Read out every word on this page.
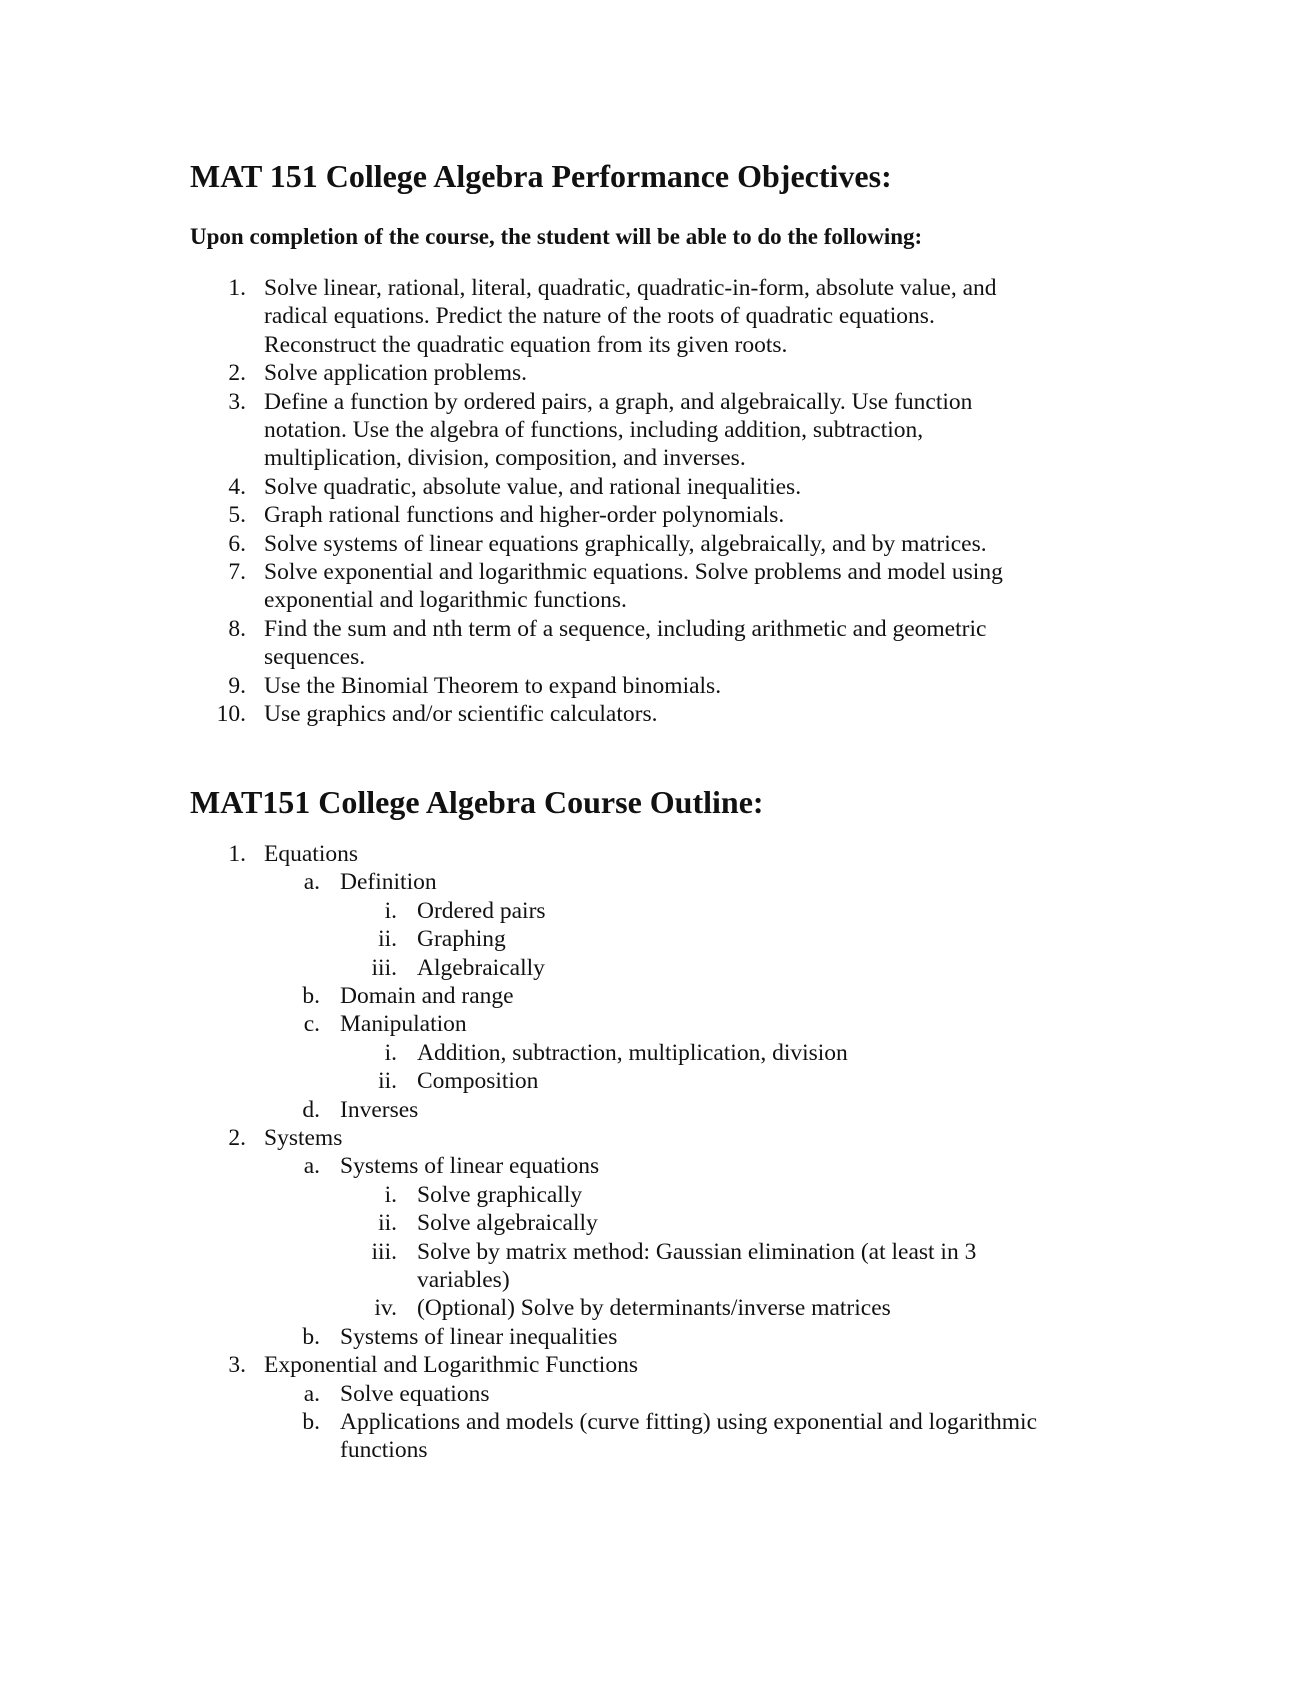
MAT 151 College Algebra Performance Objectives:

Upon completion of the course, the student will be able to do the following:

1. Solve linear, rational, literal, quadratic, quadratic-in-form, absolute value, and
radical equations. Predict the nature of the roots of quadratic equations.
Reconstruct the quadratic equation from its given roots.
2. Solve application problems.
3. Define a function by ordered pairs, a graph, and algebraically. Use function
notation. Use the algebra of functions, including addition, subtraction,
multiplication, division, composition, and inverses.
4. Solve quadratic, absolute value, and rational inequalities.
5. Graph rational functions and higher-order polynomials.
6. Solve systems of linear equations graphically, algebraically, and by matrices.
7. Solve exponential and logarithmic equations. Solve problems and model using
exponential and logarithmic functions.
8. Find the sum and nth term of a sequence, including arithmetic and geometric
sequences.
9. Use the Binomial Theorem to expand binomials.
10. Use graphics and/or scientific calculators.
MAT151 College Algebra Course Outline:
1. Equations
a. Definition
i. Ordered pairs
ii. Graphing
iii. Algebraically
b. Domain and range
c. Manipulation
i. Addition, subtraction, multiplication, division
ii. Composition
d. Inverses
2. Systems
a. Systems of linear equations
i. Solve graphically
ii. Solve algebraically
iii. Solve by matrix method: Gaussian elimination (at least in 3
variables)
iv. (Optional) Solve by determinants/inverse matrices
b. Systems of linear inequalities
3. Exponential and Logarithmic Functions
a. Solve equations
b. Applications and models (curve fitting) using exponential and logarithmic
functions
